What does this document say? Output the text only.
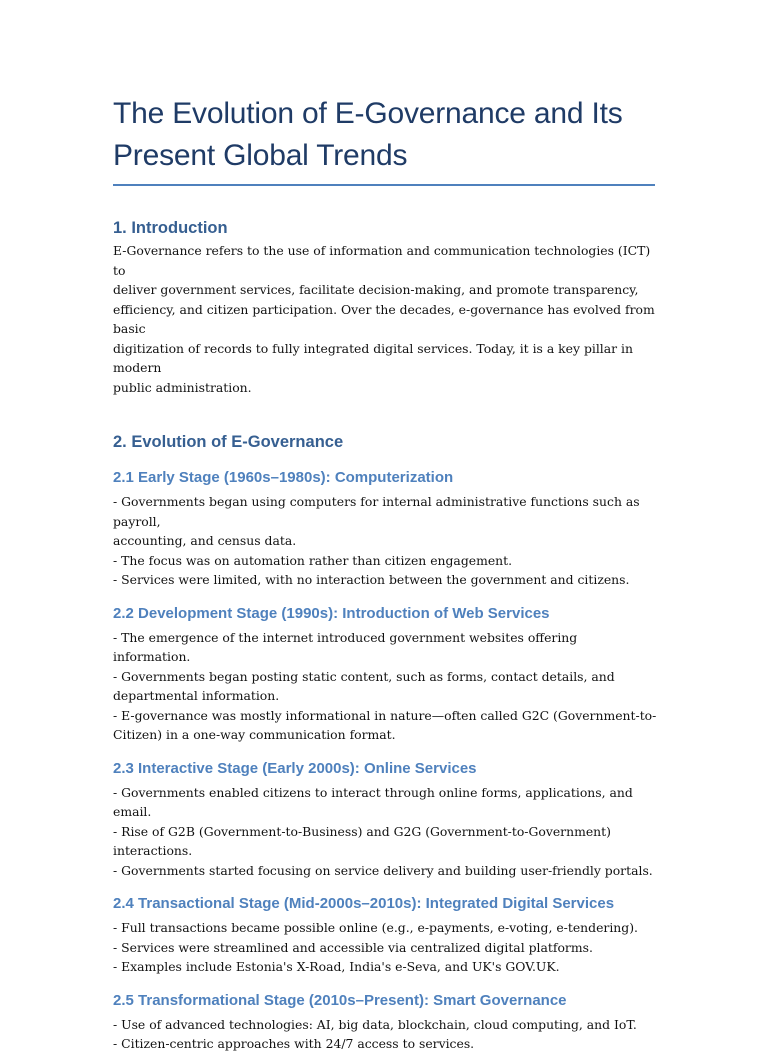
The Evolution of E-Governance and Its
Present Global Trends
1. Introduction
E-Governance refers to the use of information and communication technologies (ICT) to
deliver government services, facilitate decision-making, and promote transparency,
efficiency, and citizen participation. Over the decades, e-governance has evolved from basic
digitization of records to fully integrated digital services. Today, it is a key pillar in modern
public administration.
2. Evolution of E-Governance
2.1 Early Stage (1960s–1980s): Computerization
- Governments began using computers for internal administrative functions such as payroll,
accounting, and census data.
- The focus was on automation rather than citizen engagement.
- Services were limited, with no interaction between the government and citizens.
2.2 Development Stage (1990s): Introduction of Web Services
- The emergence of the internet introduced government websites offering information.
- Governments began posting static content, such as forms, contact details, and
departmental information.
- E-governance was mostly informational in nature—often called G2C (Government-to-
Citizen) in a one-way communication format.
2.3 Interactive Stage (Early 2000s): Online Services
- Governments enabled citizens to interact through online forms, applications, and email.
- Rise of G2B (Government-to-Business) and G2G (Government-to-Government)
interactions.
- Governments started focusing on service delivery and building user-friendly portals.
2.4 Transactional Stage (Mid-2000s–2010s): Integrated Digital Services
- Full transactions became possible online (e.g., e-payments, e-voting, e-tendering).
- Services were streamlined and accessible via centralized digital platforms.
- Examples include Estonia's X-Road, India's e-Seva, and UK's GOV.UK.
2.5 Transformational Stage (2010s–Present): Smart Governance
- Use of advanced technologies: AI, big data, blockchain, cloud computing, and IoT.
- Citizen-centric approaches with 24/7 access to services.
